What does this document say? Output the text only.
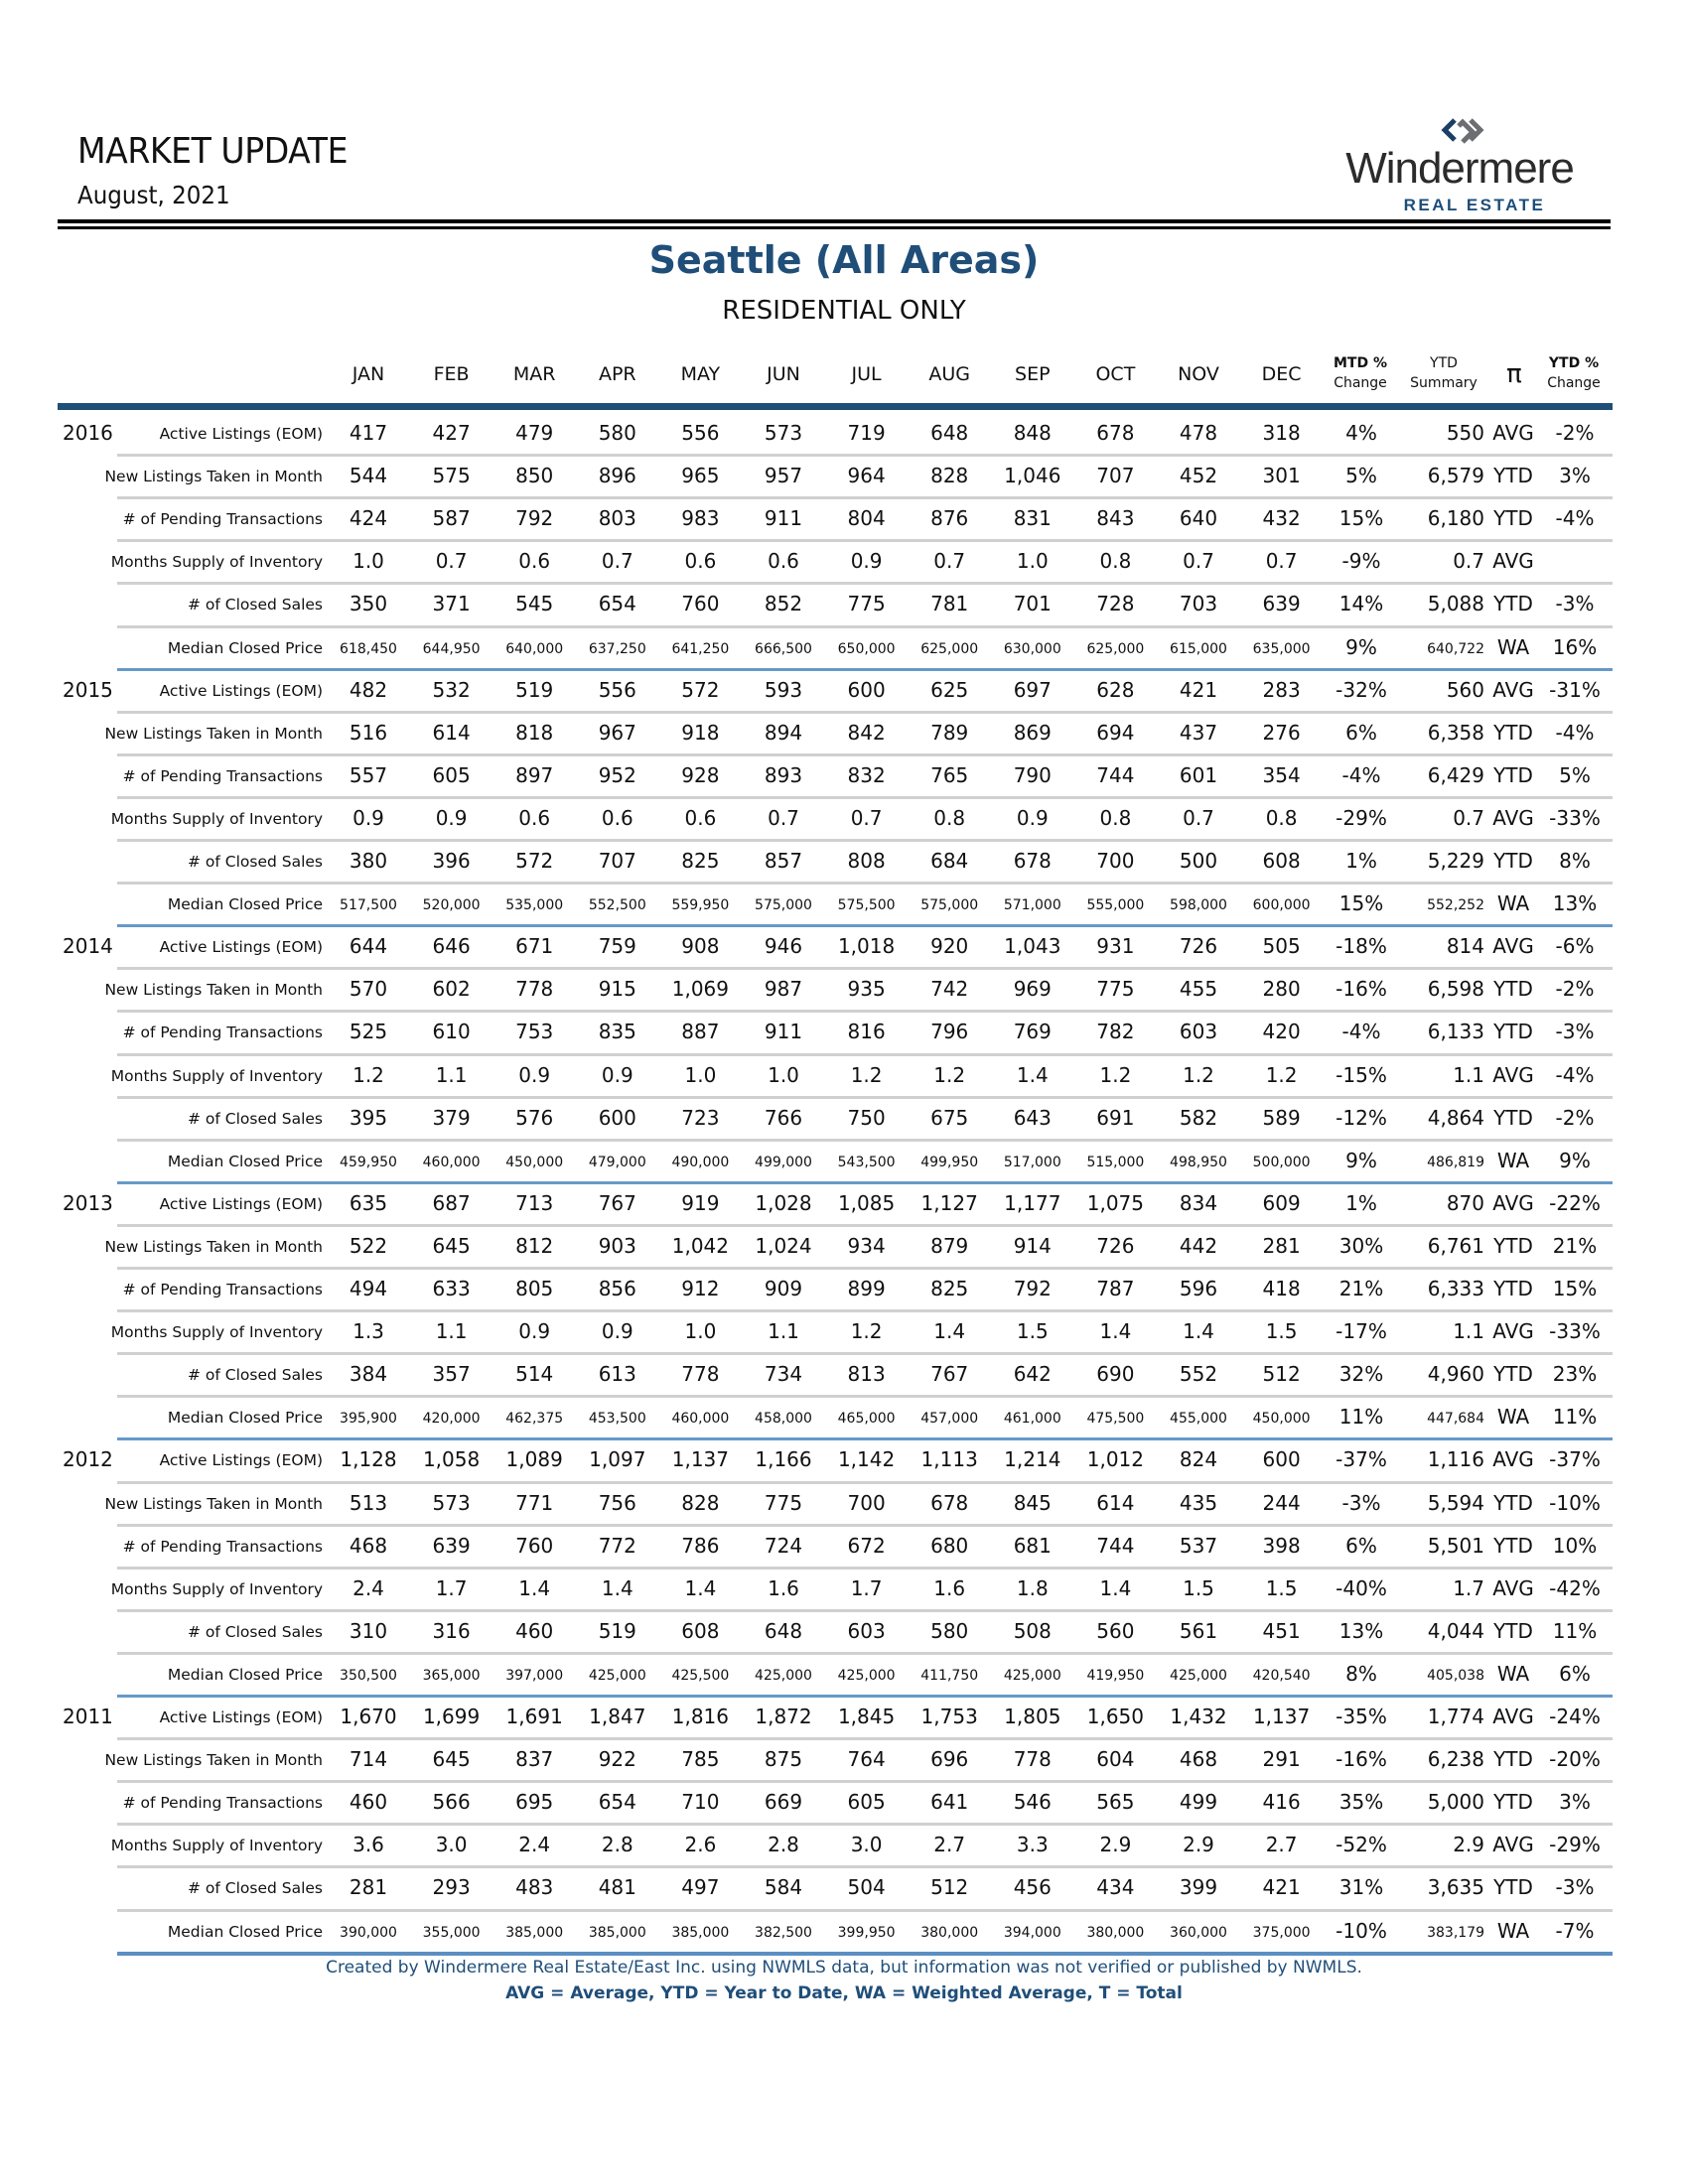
MARKET UPDATE
August, 2021
Windermere
REAL ESTATE
Seattle (All Areas)
RESIDENTIAL ONLY
JAN	FEB	MAR	APR	MAY	JUN	JUL	AUG	SEP	OCT	NOV	DEC	MTD %
Change
YTD
Summary	π	YTD %
Change
2016	Active Listings (EOM)	417	427	479	580	556	573	719	648	848	678	478	318	4%	550 AVG	-2%
New Listings Taken in Month	544	575	850	896	965	957	964	828	1,046	707	452	301	5%	6,579 YTD	3%
# of Pending Transactions	424	587	792	803	983	911	804	876	831	843	640	432	15%	6,180 YTD	-4%
Months Supply of Inventory	1.0	0.7	0.6	0.7	0.6	0.6	0.9	0.7	1.0	0.8	0.7	0.7	-9%	0.7 AVG
# of Closed Sales	350	371	545	654	760	852	775	781	701	728	703	639	14%	5,088 YTD	-3%
Median Closed Price	618,450	644,950	640,000	637,250	641,250	666,500	650,000	625,000	630,000	625,000	615,000	635,000	9%	640,722 WA	16%
2015	Active Listings (EOM)	482	532	519	556	572	593	600	625	697	628	421	283	-32%	560 AVG -31%
New Listings Taken in Month	516	614	818	967	918	894	842	789	869	694	437	276	6%	6,358 YTD	-4%
# of Pending Transactions	557	605	897	952	928	893	832	765	790	744	601	354	-4%	6,429 YTD	5%
Months Supply of Inventory	0.9	0.9	0.6	0.6	0.6	0.7	0.7	0.8	0.9	0.8	0.7	0.8	-29%	0.7 AVG -33%
# of Closed Sales	380	396	572	707	825	857	808	684	678	700	500	608	1%	5,229 YTD	8%
Median Closed Price	517,500	520,000	535,000	552,500	559,950	575,000	575,500	575,000	571,000	555,000	598,000	600,000	15%	552,252 WA	13%
2014	Active Listings (EOM)	644	646	671	759	908	946	1,018	920	1,043	931	726	505	-18%	814 AVG	-6%
New Listings Taken in Month	570	602	778	915	1,069	987	935	742	969	775	455	280	-16%	6,598 YTD	-2%
# of Pending Transactions	525	610	753	835	887	911	816	796	769	782	603	420	-4%	6,133 YTD	-3%
Months Supply of Inventory	1.2	1.1	0.9	0.9	1.0	1.0	1.2	1.2	1.4	1.2	1.2	1.2	-15%	1.1 AVG	-4%
# of Closed Sales	395	379	576	600	723	766	750	675	643	691	582	589	-12%	4,864 YTD	-2%
Median Closed Price	459,950	460,000	450,000	479,000	490,000	499,000	543,500	499,950	517,000	515,000	498,950	500,000	9%	486,819 WA	9%
2013	Active Listings (EOM)	635	687	713	767	919	1,028	1,085	1,127	1,177	1,075	834	609	1%	870 AVG -22%
New Listings Taken in Month	522	645	812	903	1,042	1,024	934	879	914	726	442	281	30%	6,761 YTD 21%
# of Pending Transactions	494	633	805	856	912	909	899	825	792	787	596	418	21%	6,333 YTD 15%
Months Supply of Inventory	1.3	1.1	0.9	0.9	1.0	1.1	1.2	1.4	1.5	1.4	1.4	1.5	-17%	1.1 AVG -33%
# of Closed Sales	384	357	514	613	778	734	813	767	642	690	552	512	32%	4,960 YTD 23%
Median Closed Price	395,900	420,000	462,375	453,500	460,000	458,000	465,000	457,000	461,000	475,500	455,000	450,000	11%	447,684 WA	11%
2012	Active Listings (EOM) 1,128	1,058	1,089	1,097	1,137	1,166	1,142	1,113	1,214	1,012	824	600	-37%	1,116 AVG -37%
New Listings Taken in Month	513	573	771	756	828	775	700	678	845	614	435	244	-3%	5,594 YTD -10%
# of Pending Transactions	468	639	760	772	786	724	672	680	681	744	537	398	6%	5,501 YTD 10%
Months Supply of Inventory	2.4	1.7	1.4	1.4	1.4	1.6	1.7	1.6	1.8	1.4	1.5	1.5	-40%	1.7 AVG -42%
# of Closed Sales	310	316	460	519	608	648	603	580	508	560	561	451	13%	4,044 YTD 11%
Median Closed Price	350,500	365,000	397,000	425,000	425,500	425,000	425,000	411,750	425,000	419,950	425,000	420,540	8%	405,038 WA	6%
2011	Active Listings (EOM) 1,670	1,699	1,691	1,847	1,816	1,872	1,845	1,753	1,805	1,650	1,432	1,137	-35%	1,774 AVG -24%
New Listings Taken in Month	714	645	837	922	785	875	764	696	778	604	468	291	-16%	6,238 YTD -20%
# of Pending Transactions	460	566	695	654	710	669	605	641	546	565	499	416	35%	5,000 YTD	3%
Months Supply of Inventory	3.6	3.0	2.4	2.8	2.6	2.8	3.0	2.7	3.3	2.9	2.9	2.7	-52%	2.9 AVG -29%
# of Closed Sales	281	293	483	481	497	584	504	512	456	434	399	421	31%	3,635 YTD	-3%
Median Closed Price	390,000	355,000	385,000	385,000	385,000	382,500	399,950	380,000	394,000	380,000	360,000	375,000	-10%	383,179 WA	-7%
Created by Windermere Real Estate/East Inc. using NWMLS data, but information was not verified or published by NWMLS.
AVG = Average, YTD = Year to Date, WA = Weighted Average, T = Total
